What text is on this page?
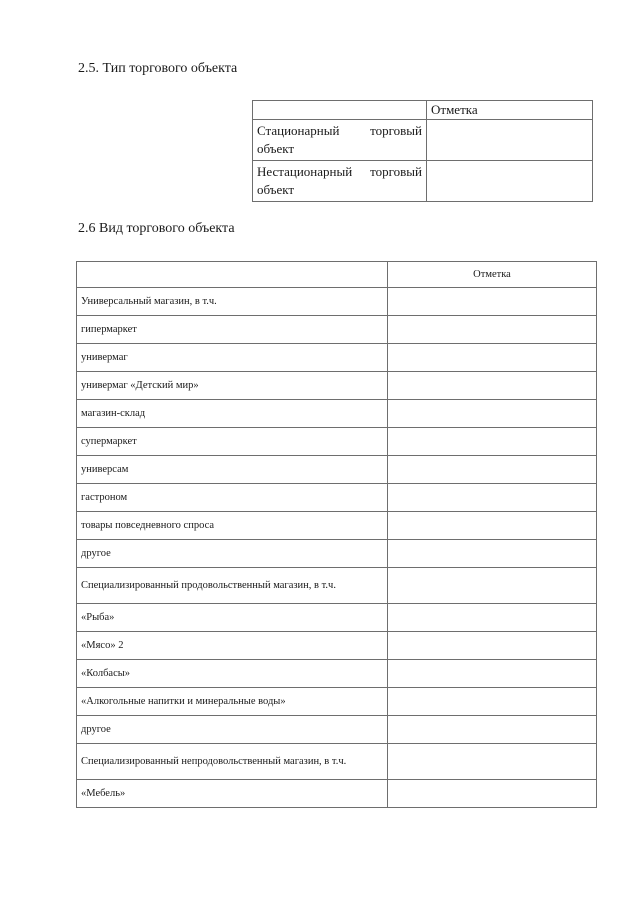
2.5. Тип торгового объекта
	Отметка
Стационарный торговый объект	
Нестационарный торговый объект	
2.6 Вид торгового объекта
	Отметка
Универсальный магазин, в т.ч.	
гипермаркет	
универмаг	
универмаг «Детский мир»	
магазин-склад	
супермаркет	
универсам	
гастроном	
товары повседневного спроса	
другое	
Специализированный продовольственный магазин, в т.ч.	
«Рыба»	
«Мясо» 2	
«Колбасы»	
«Алкогольные напитки и минеральные воды»	
другое	
Специализированный непродовольственный магазин, в т.ч.	
«Мебель»	
